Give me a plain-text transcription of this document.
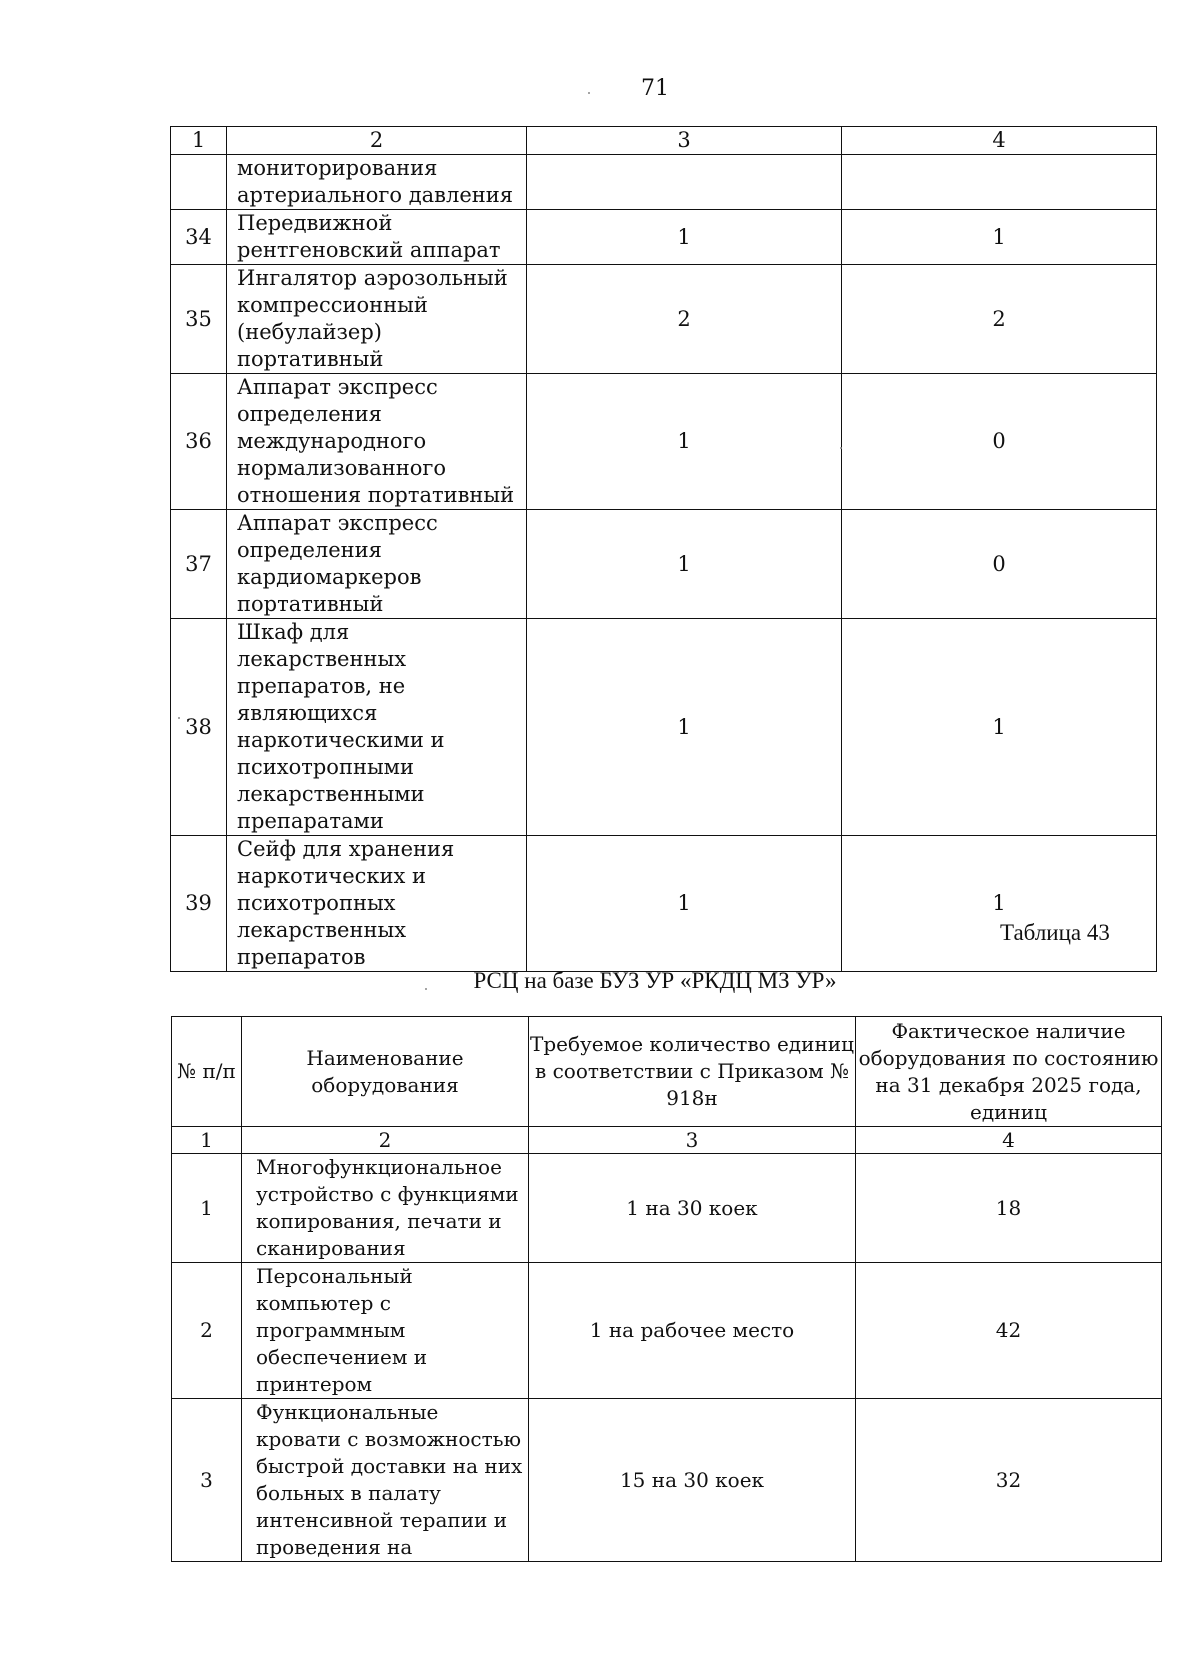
71
1	2	3	4
	мониторирования артериального давления		
34	Передвижной рентгеновский аппарат	1	1
35	Ингалятор аэрозольный компрессионный (небулайзер) портативный	2	2
36	Аппарат экспресс определения международного нормализованного отношения портативный	1	0
37	Аппарат экспресс определения кардиомаркеров портативный	1	0
38	Шкаф для лекарственных препаратов, не являющихся наркотическими и психотропными лекарственными препаратами	1	1
39	Сейф для хранения наркотических и психотропных лекарственных препаратов	1	1
Таблица 43
РСЦ на базе БУЗ УР «РКДЦ МЗ УР»
№ п/п	Наименование оборудования	Требуемое количество единиц в соответствии с Приказом № 918н	Фактическое наличие оборудования по состоянию на 31 декабря 2025 года, единиц
1	2	3	4
1	Многофункциональное устройство с функциями копирования, печати и сканирования	1 на 30 коек	18
2	Персональный компьютер с программным обеспечением и принтером	1 на рабочее место	42
3	Функциональные кровати с возможностью быстрой доставки на них больных в палату интенсивной терапии и проведения на	15 на 30 коек	32
